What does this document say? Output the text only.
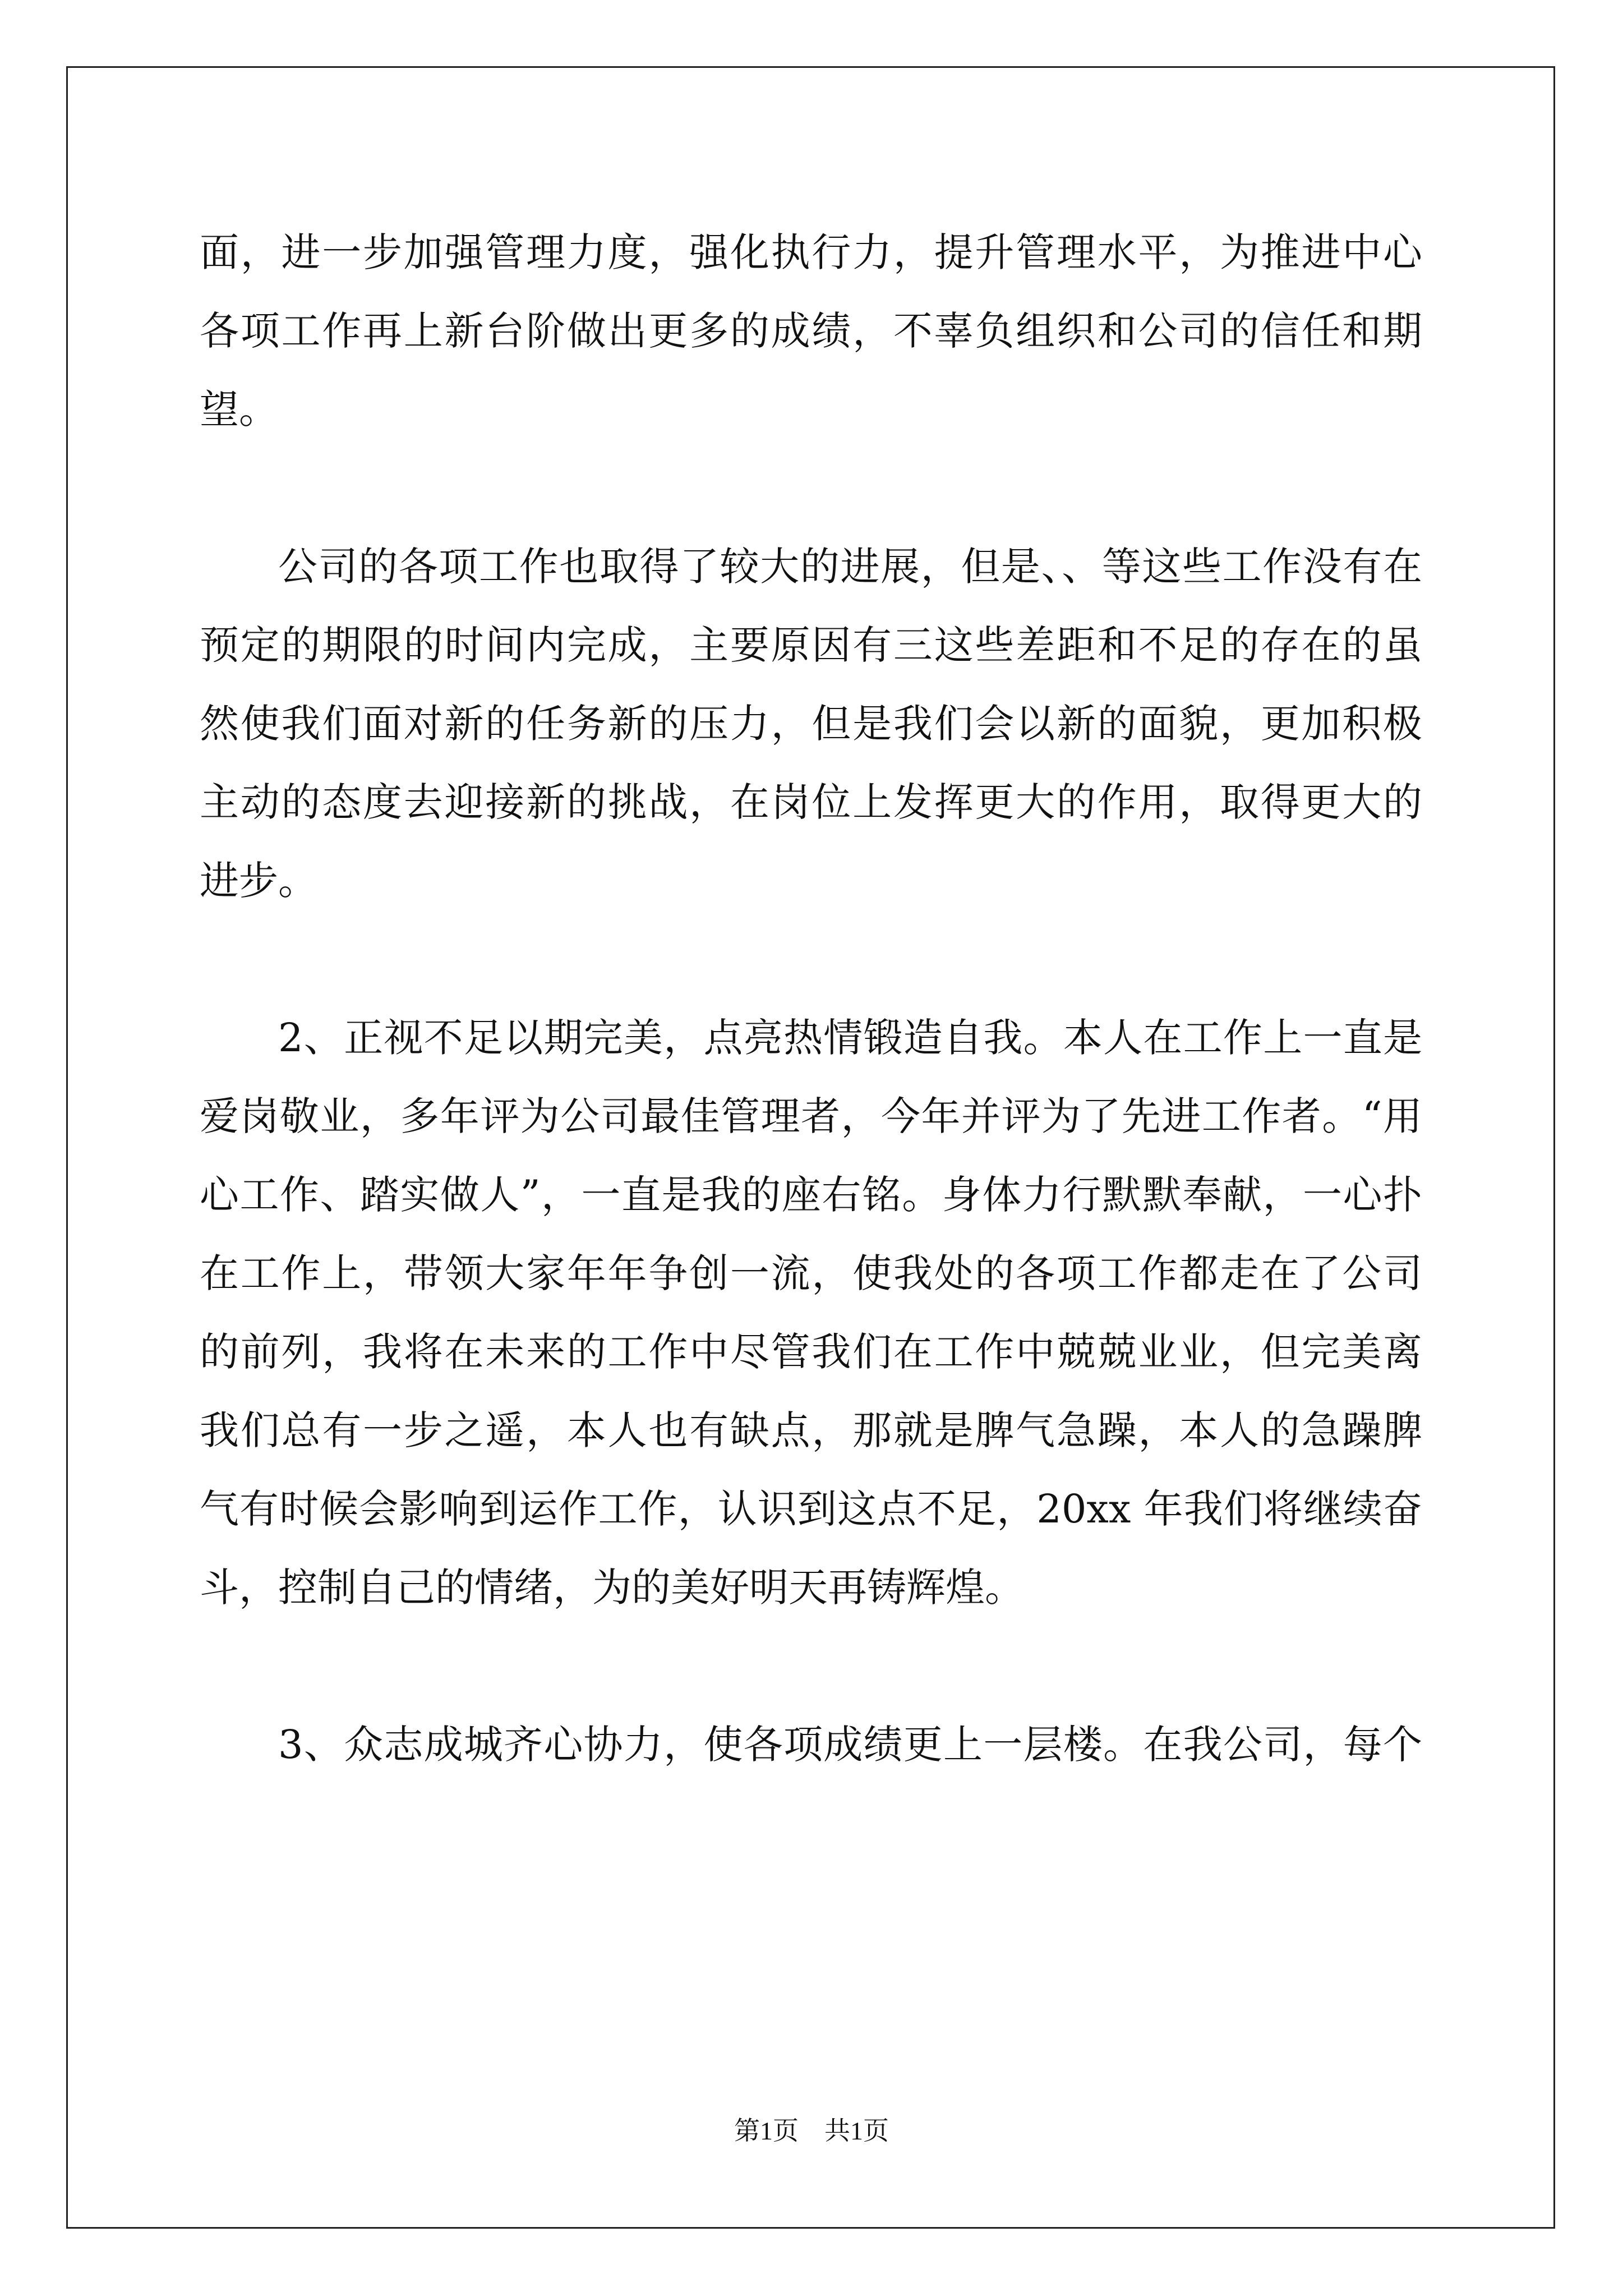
面，进一步加强管理力度，强化执行力，提升管理水平，为推进中心
各项工作再上新台阶做出更多的成绩，不辜负组织和公司的信任和期
望。
公司的各项工作也取得了较大的进展，但是、、等这些工作没有在
预定的期限的时间内完成，主要原因有三这些差距和不足的存在的虽
然使我们面对新的任务新的压力，但是我们会以新的面貌，更加积极
主动的态度去迎接新的挑战，在岗位上发挥更大的作用，取得更大的
进步。
2、正视不足以期完美，点亮热情锻造自我。本人在工作上一直是
爱岗敬业，多年评为公司最佳管理者，今年并评为了先进工作者。“用
心工作、踏实做人”，一直是我的座右铭。身体力行默默奉献，一心扑
在工作上，带领大家年年争创一流，使我处的各项工作都走在了公司
的前列，我将在未来的工作中尽管我们在工作中兢兢业业，但完美离
我们总有一步之遥，本人也有缺点，那就是脾气急躁，本人的急躁脾
气有时候会影响到运作工作，认识到这点不足，20xx 年我们将继续奋
斗，控制自己的情绪，为的美好明天再铸辉煌。
3、众志成城齐心协力，使各项成绩更上一层楼。在我公司，每个
第1页　共1页
